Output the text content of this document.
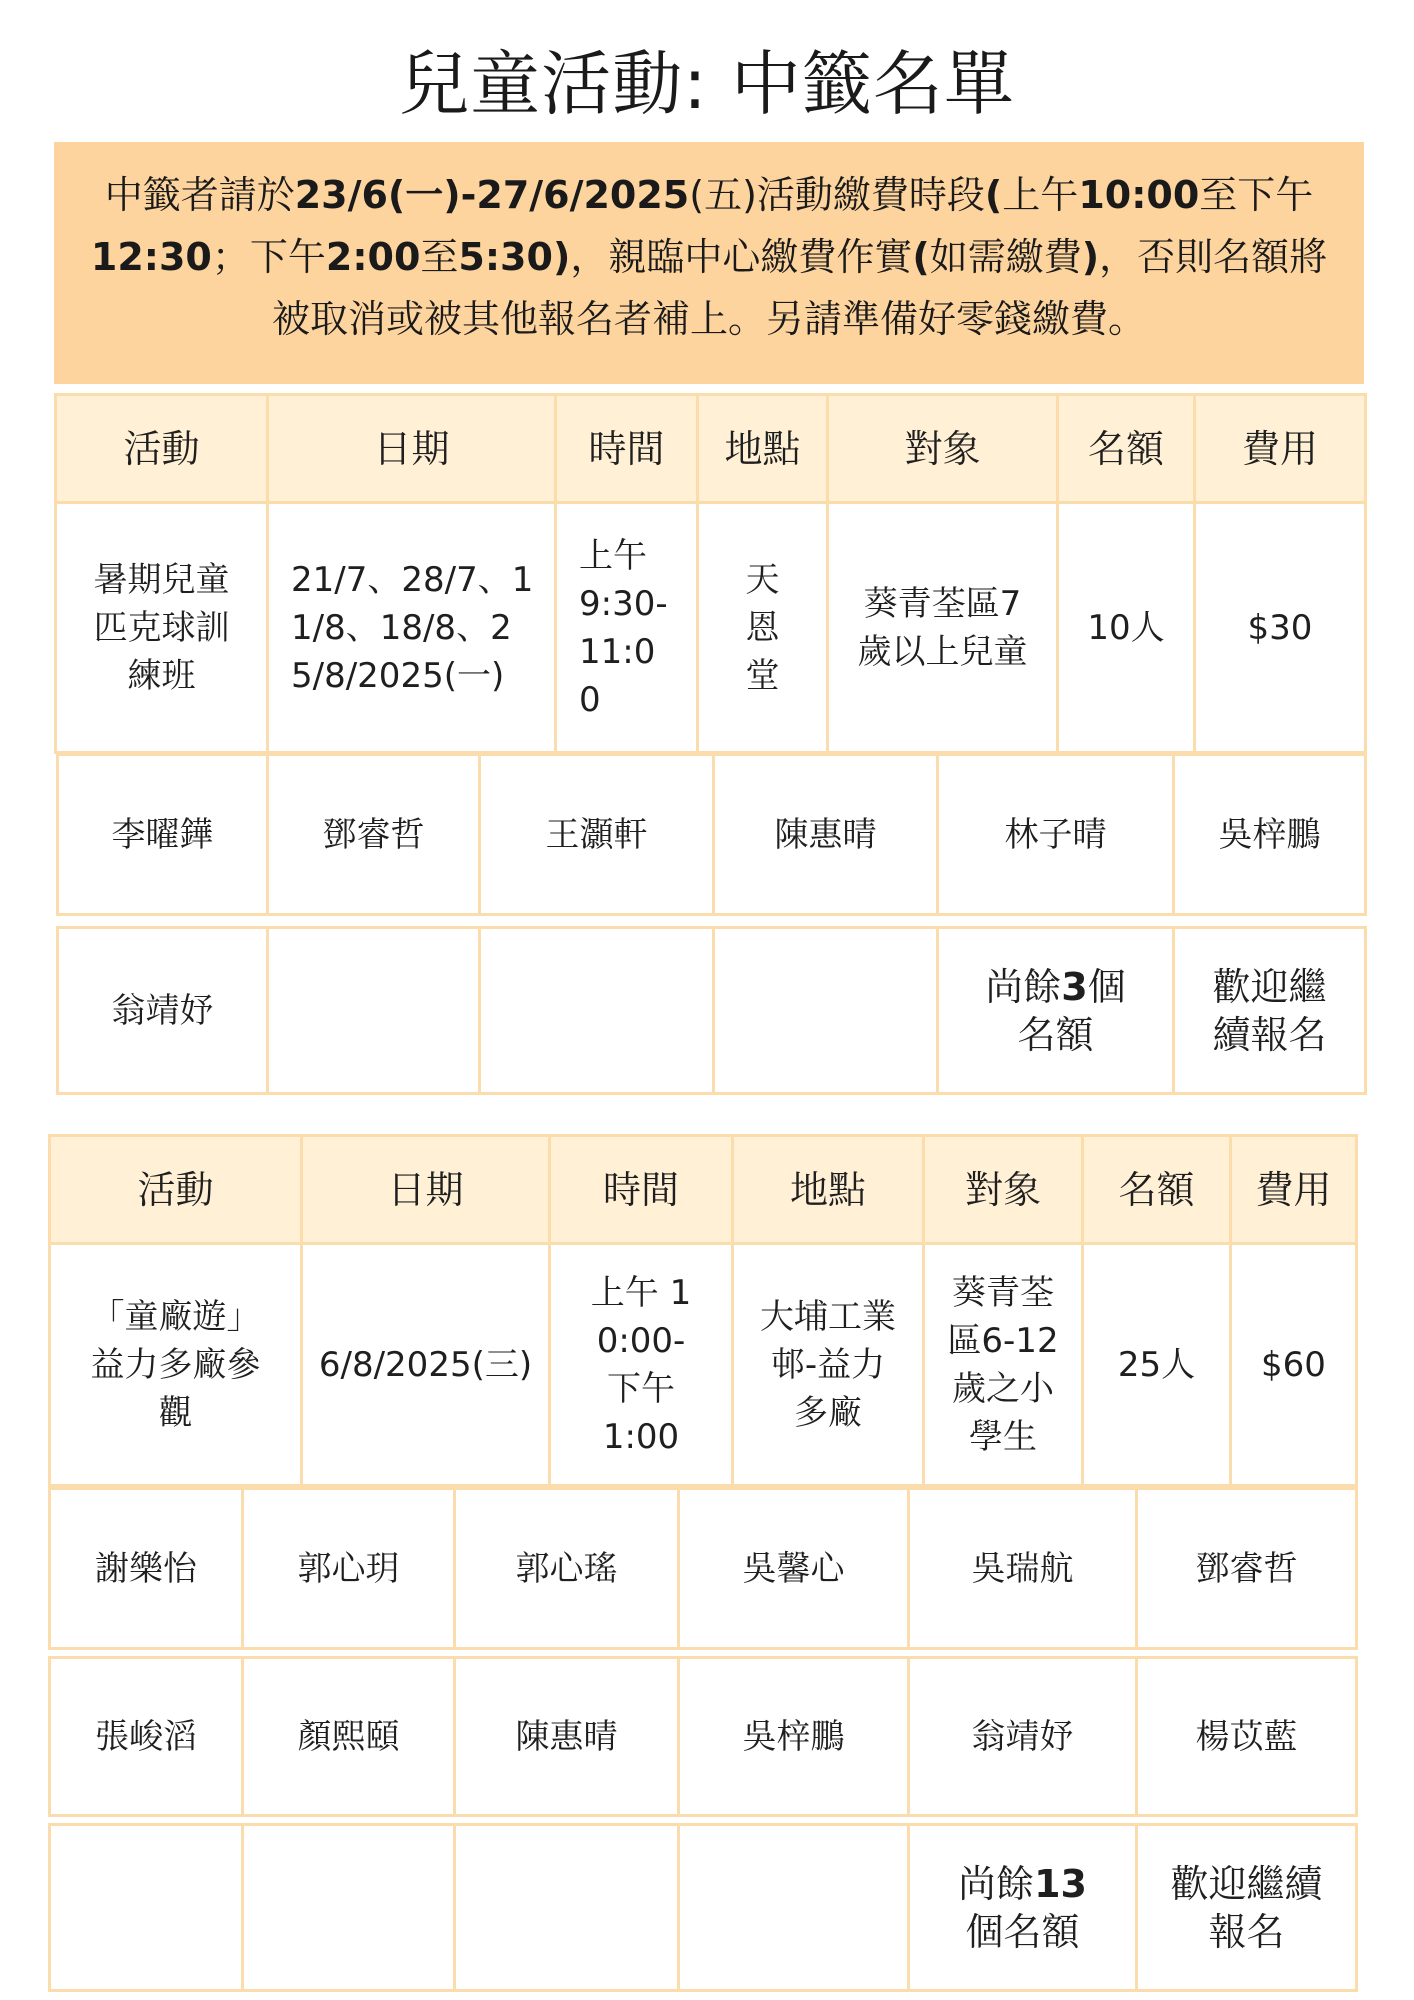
兒童活動: 中籤名單
中籤者請於23/6(一)-27/6/2025(五)活動繳費時段(上午10:00至下午12:30；下午2:00至5:30)，親臨中心繳費作實(如需繳費)，否則名額將被取消或被其他報名者補上。另請準備好零錢繳費。
活動	日期	時間	地點	對象	名額	費用
暑期兒童匹克球訓練班	21/7、28/7、11/8、18/8、25/8/2025(一)	上午 9:30-11:00	天恩堂	葵青荃區7歲以上兒童	10人	$30
李曜鏵	鄧睿哲	王灝軒	陳惠晴	林子晴	吳梓鵬

翁靖妤				尚餘3個名額	歡迎繼續報名
活動	日期	時間	地點	對象	名額	費用
「童廠遊」益力多廠參觀	6/8/2025(三)	上午 10:00-下午 1:00	大埔工業邨-益力多廠	葵青荃區6-12歲之小學生	25人	$60
謝樂怡	郭心玥	郭心瑤	吳馨心	吳瑞航	鄧睿哲

張峻滔	顏熙頤	陳惠晴	吳梓鵬	翁靖妤	楊苡藍

				尚餘13個名額	歡迎繼續報名
